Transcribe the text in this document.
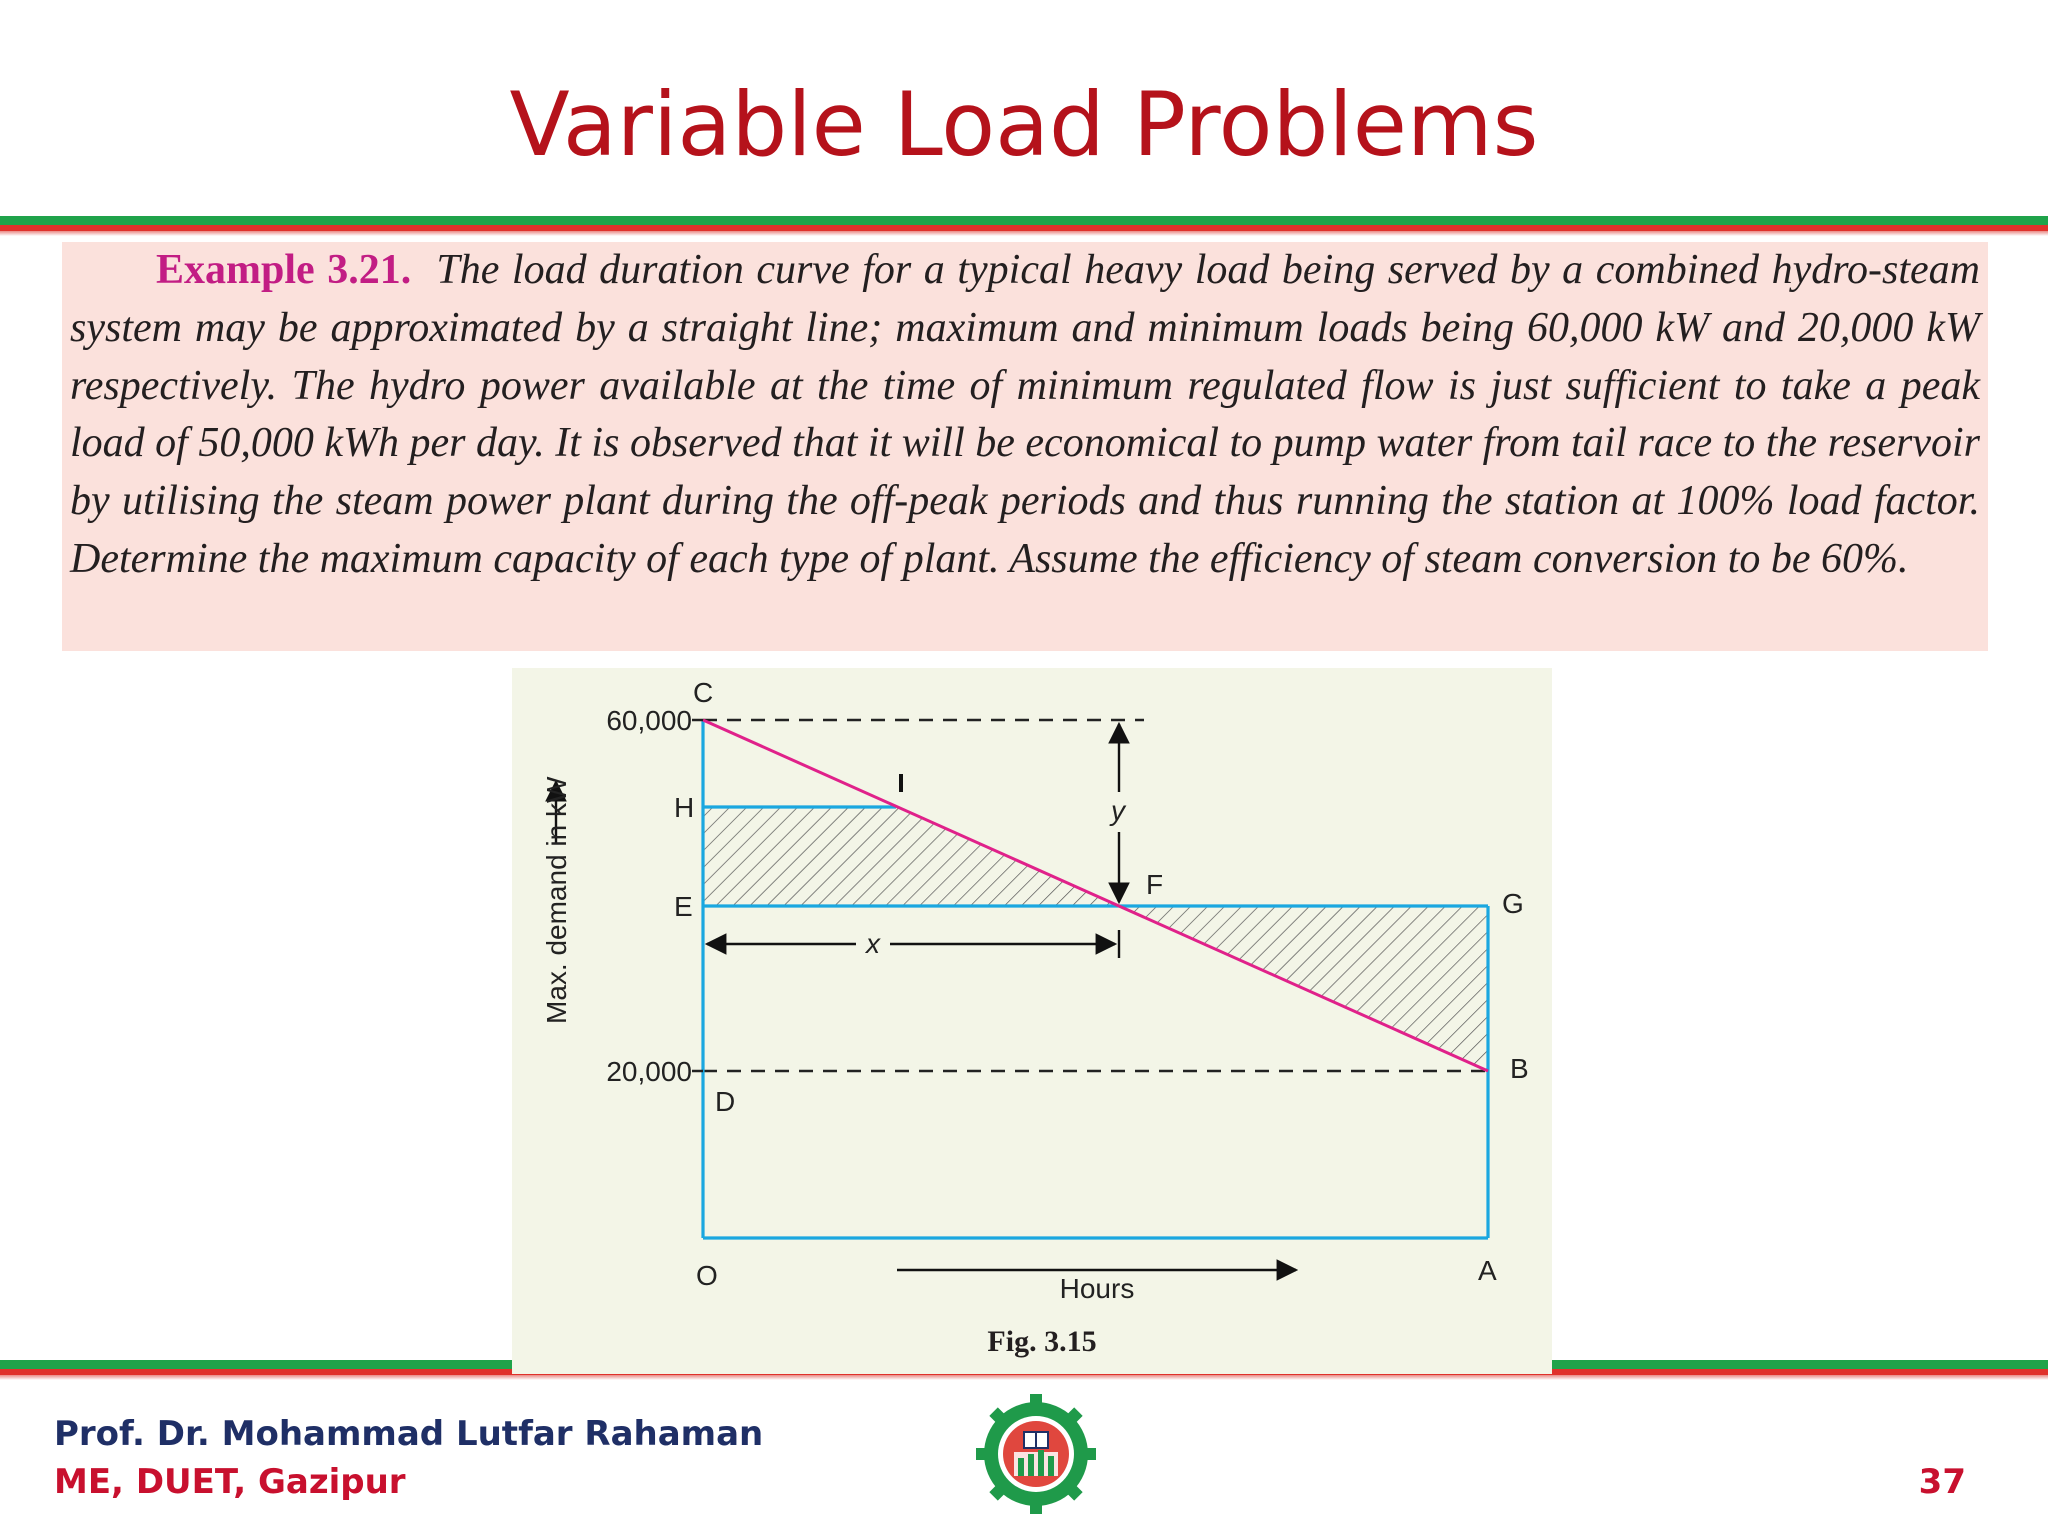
Variable Load Problems

Example 3.21. The load duration curve for a typical heavy load being served by a combined hydro-steam system may be approximated by a straight line; maximum and minimum loads being 60,000 kW and 20,000 kW respectively. The hydro power available at the time of minimum regulated flow is just sufficient to take a peak load of 50,000 kWh per day. It is observed that it will be economical to pump water from tail race to the reservoir by utilising the steam power plant during the off-peak periods and thus running the station at 100% load factor. Determine the maximum capacity of each type of plant. Assume the efficiency of steam conversion to be 60%.

60,000
20,000
C
H
E
F
G
B
D
O	A
y
x
Hours
Max. demand in kW
Fig. 3.15
Prof. Dr. Mohammad Lutfar Rahaman
ME, DUET, Gazipur	37
